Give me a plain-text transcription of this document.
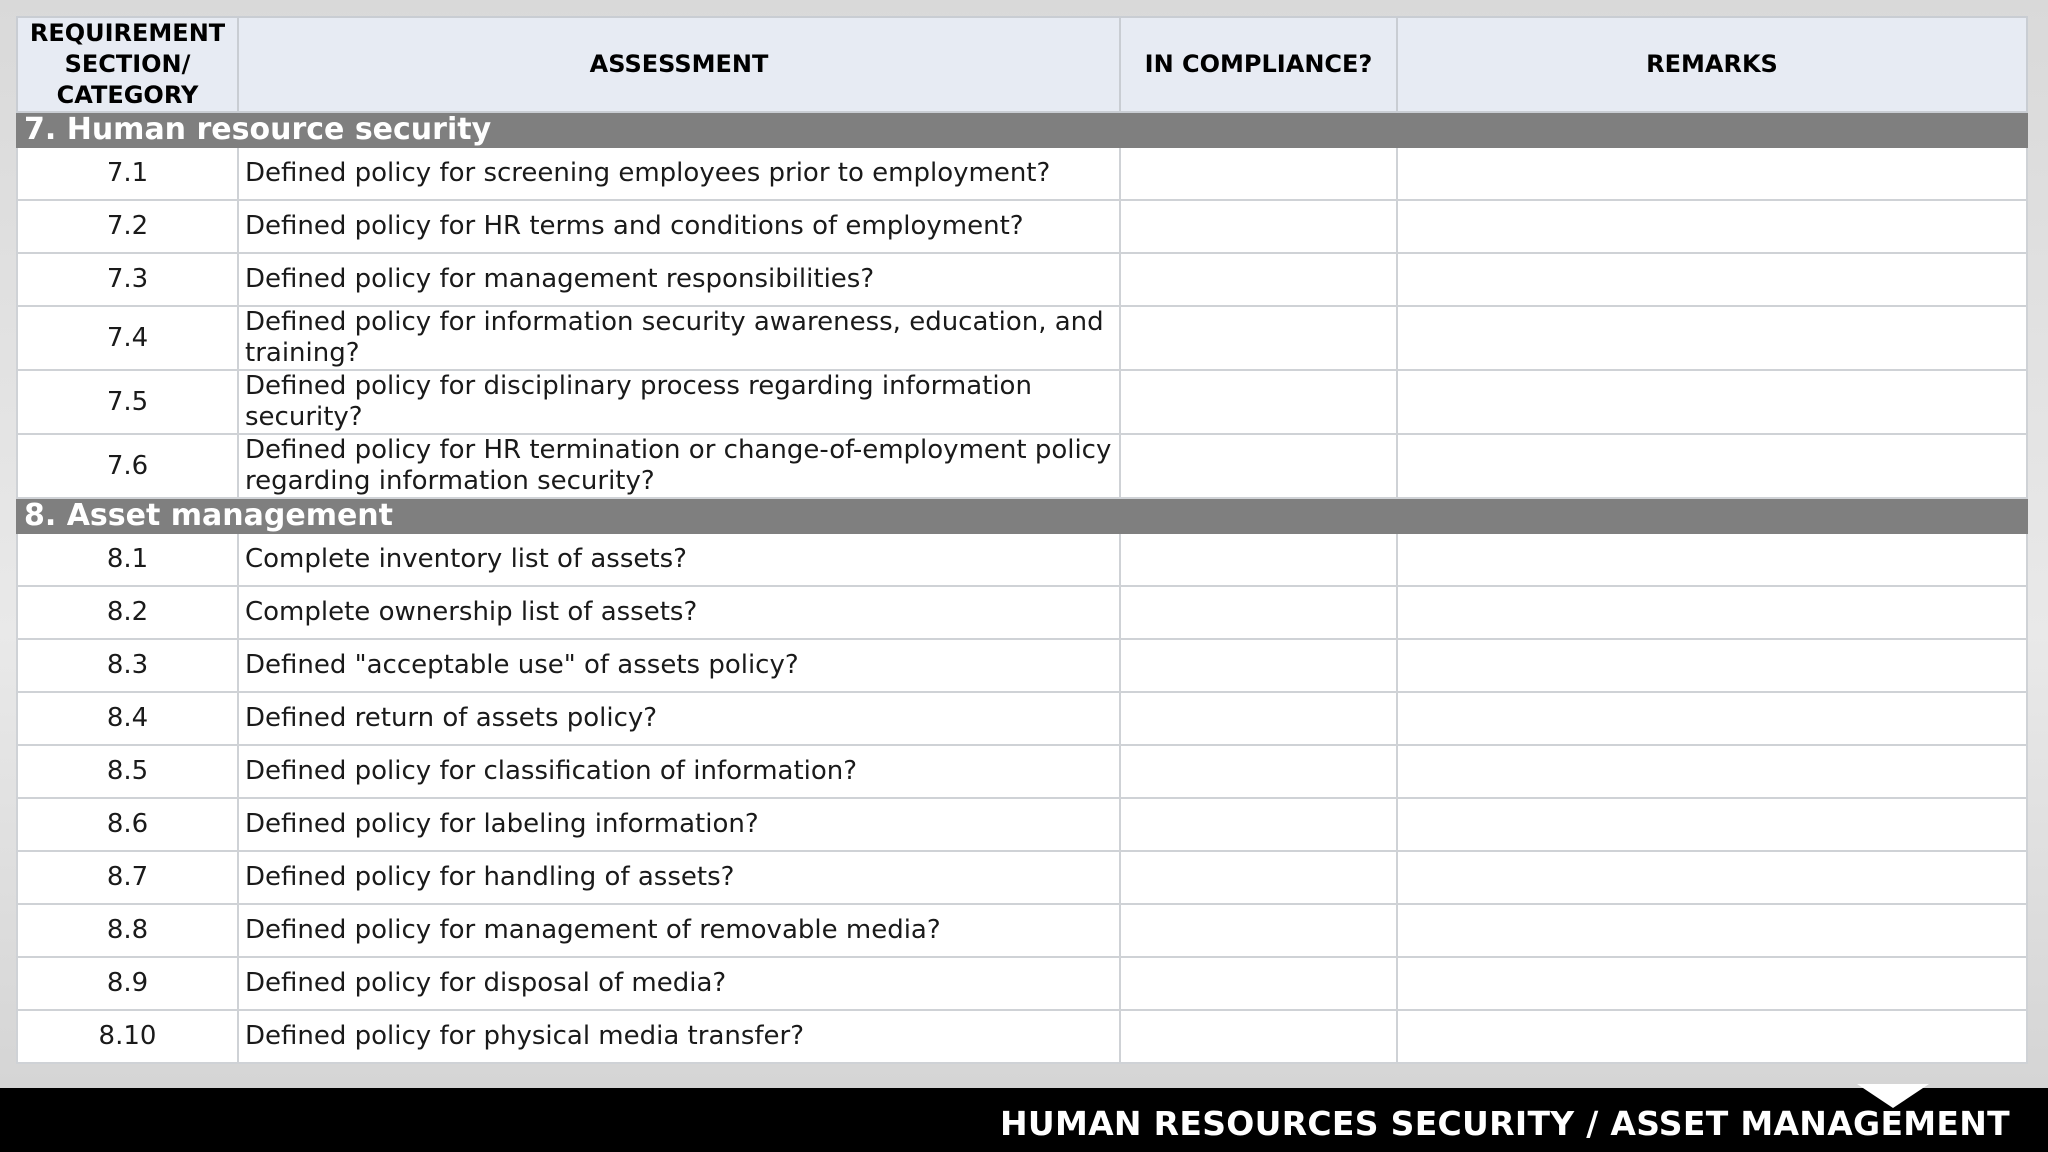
REQUIREMENT SECTION/ CATEGORY	ASSESSMENT	IN COMPLIANCE?	REMARKS
7. Human resource security			
7.1	Defined policy for screening employees prior to employment?		
7.2	Defined policy for HR terms and conditions of employment?		
7.3	Defined policy for management responsibilities?		
7.4	Defined policy for information security awareness, education, and training?		
7.5	Defined policy for disciplinary process regarding information security?		
7.6	Defined policy for HR termination or change-of-employment policy regarding information security?		
8. Asset management			
8.1	Complete inventory list of assets?		
8.2	Complete ownership list of assets?		
8.3	Defined "acceptable use" of assets policy?		
8.4	Defined return of assets policy?		
8.5	Defined policy for classification of information?		
8.6	Defined policy for labeling information?		
8.7	Defined policy for handling of assets?		
8.8	Defined policy for management of removable media?		
8.9	Defined policy for disposal of media?		
8.10	Defined policy for physical media transfer?		
HUMAN RESOURCES SECURITY / ASSET MANAGEMENT
